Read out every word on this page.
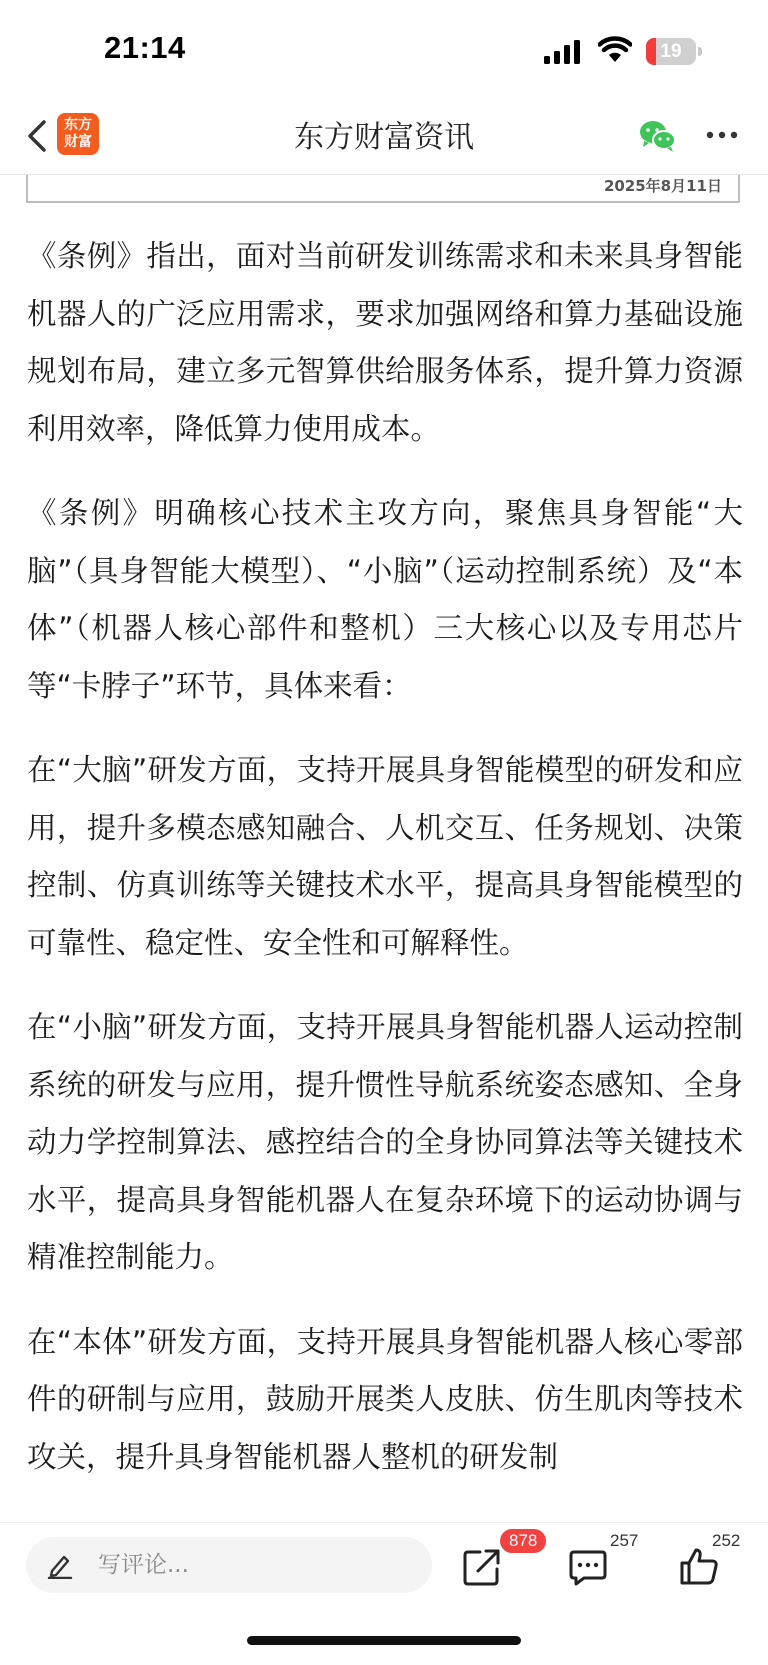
21:14	19
东方
财富	东方财富资讯
2025年8月11日

《条例》指出，面对当前研发训练需求和未来具身智能机器人的广泛应用需求，要求加强网络和算力基础设施规划布局，建立多元智算供给服务体系，提升算力资源利用效率，降低算力使用成本。

《条例》明确核心技术主攻方向，聚焦具身智能“大脑”（具身智能大模型）、“小脑”（运动控制系统）及“本体”（机器人核心部件和整机）三大核心以及专用芯片等“卡脖子”环节，具体来看：

在“大脑”研发方面，支持开展具身智能模型的研发和应用，提升多模态感知融合、人机交互、任务规划、决策控制、仿真训练等关键技术水平，提高具身智能模型的可靠性、稳定性、安全性和可解释性。

在“小脑”研发方面，支持开展具身智能机器人运动控制系统的研发与应用，提升惯性导航系统姿态感知、全身动力学控制算法、感控结合的全身协同算法等关键技术水平，提高具身智能机器人在复杂环境下的运动协调与精准控制能力。

在“本体”研发方面，支持开展具身智能机器人核心零部件的研制与应用，鼓励开展类人皮肤、仿生肌肉等技术攻关，提升具身智能机器人整机的研发制

写评论...
878	257	252
